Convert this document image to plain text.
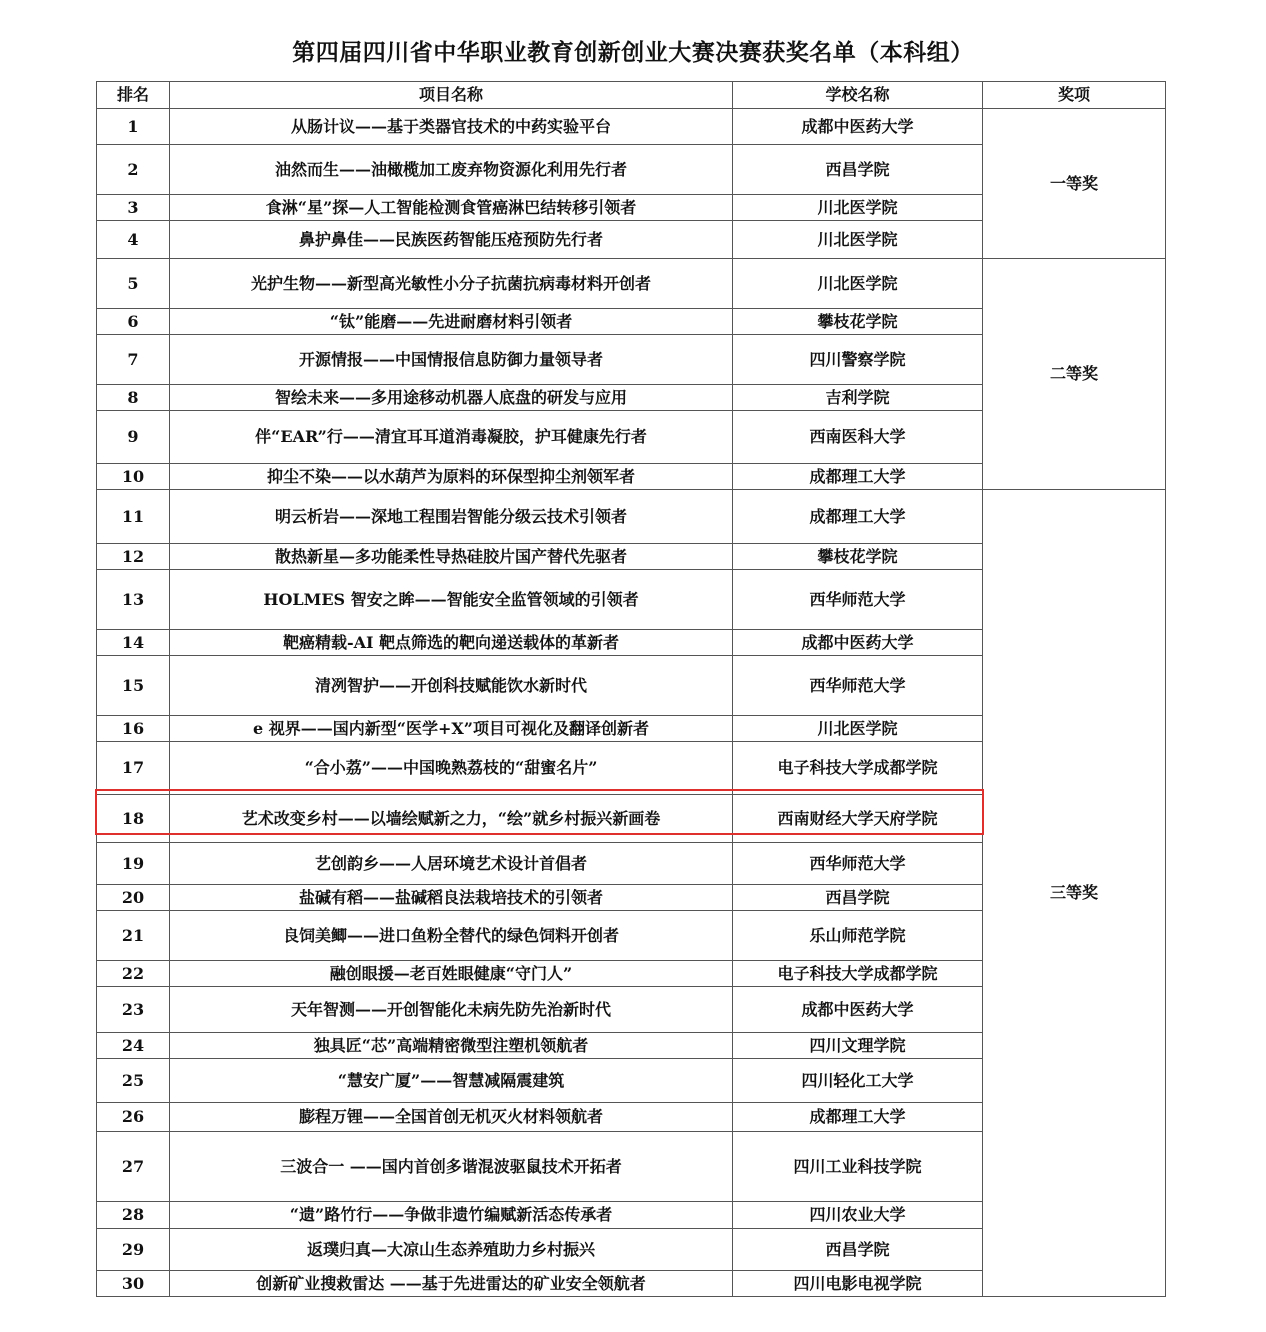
第四届四川省中华职业教育创新创业大赛决赛获奖名单（本科组）
排名	项目名称	学校名称	奖项
1	从肠计议——基于类器官技术的中药实验平台	成都中医药大学	一等奖
2	油然而生——油橄榄加工废弃物资源化利用先行者	西昌学院	
3	食淋“星”探—人工智能检测食管癌淋巴结转移引领者	川北医学院	
4	鼻护鼻佳——民族医药智能压疮预防先行者	川北医学院	
5	光护生物——新型高光敏性小分子抗菌抗病毒材料开创者	川北医学院	二等奖
6	“钛”能磨——先进耐磨材料引领者	攀枝花学院	
7	开源情报——中国情报信息防御力量领导者	四川警察学院	
8	智绘未来——多用途移动机器人底盘的研发与应用	吉利学院	
9	伴“EAR”行——清宜耳耳道消毒凝胶，护耳健康先行者	西南医科大学	
10	抑尘不染——以水葫芦为原料的环保型抑尘剂领军者	成都理工大学	
11	明云析岩——深地工程围岩智能分级云技术引领者	成都理工大学	三等奖
12	散热新星—多功能柔性导热硅胶片国产替代先驱者	攀枝花学院	
13	HOLMES 智安之眸——智能安全监管领域的引领者	西华师范大学	
14	靶癌精载-AI 靶点筛选的靶向递送载体的革新者	成都中医药大学	
15	清冽智护——开创科技赋能饮水新时代	西华师范大学	
16	e 视界——国内新型“医学+X”项目可视化及翻译创新者	川北医学院	
17	“合小荔”——中国晚熟荔枝的“甜蜜名片”	电子科技大学成都学院	
18	艺术改变乡村——以墙绘赋新之力，“绘”就乡村振兴新画卷	西南财经大学天府学院	
19	艺创韵乡——人居环境艺术设计首倡者	西华师范大学	
20	盐碱有稻——盐碱稻良法栽培技术的引领者	西昌学院	
21	良饲美鲫——进口鱼粉全替代的绿色饲料开创者	乐山师范学院	
22	融创眼援—老百姓眼健康“守门人”	电子科技大学成都学院	
23	天年智测——开创智能化未病先防先治新时代	成都中医药大学	
24	独具匠“芯”高端精密微型注塑机领航者	四川文理学院	
25	“慧安广厦”——智慧减隔震建筑	四川轻化工大学	
26	膨程万锂——全国首创无机灭火材料领航者	成都理工大学	
27	三波合一 ——国内首创多谐混波驱鼠技术开拓者	四川工业科技学院	
28	“遗”路竹行——争做非遗竹编赋新活态传承者	四川农业大学	
29	返璞归真—大凉山生态养殖助力乡村振兴	西昌学院	
30	创新矿业搜救雷达 ——基于先进雷达的矿业安全领航者	四川电影电视学院	
